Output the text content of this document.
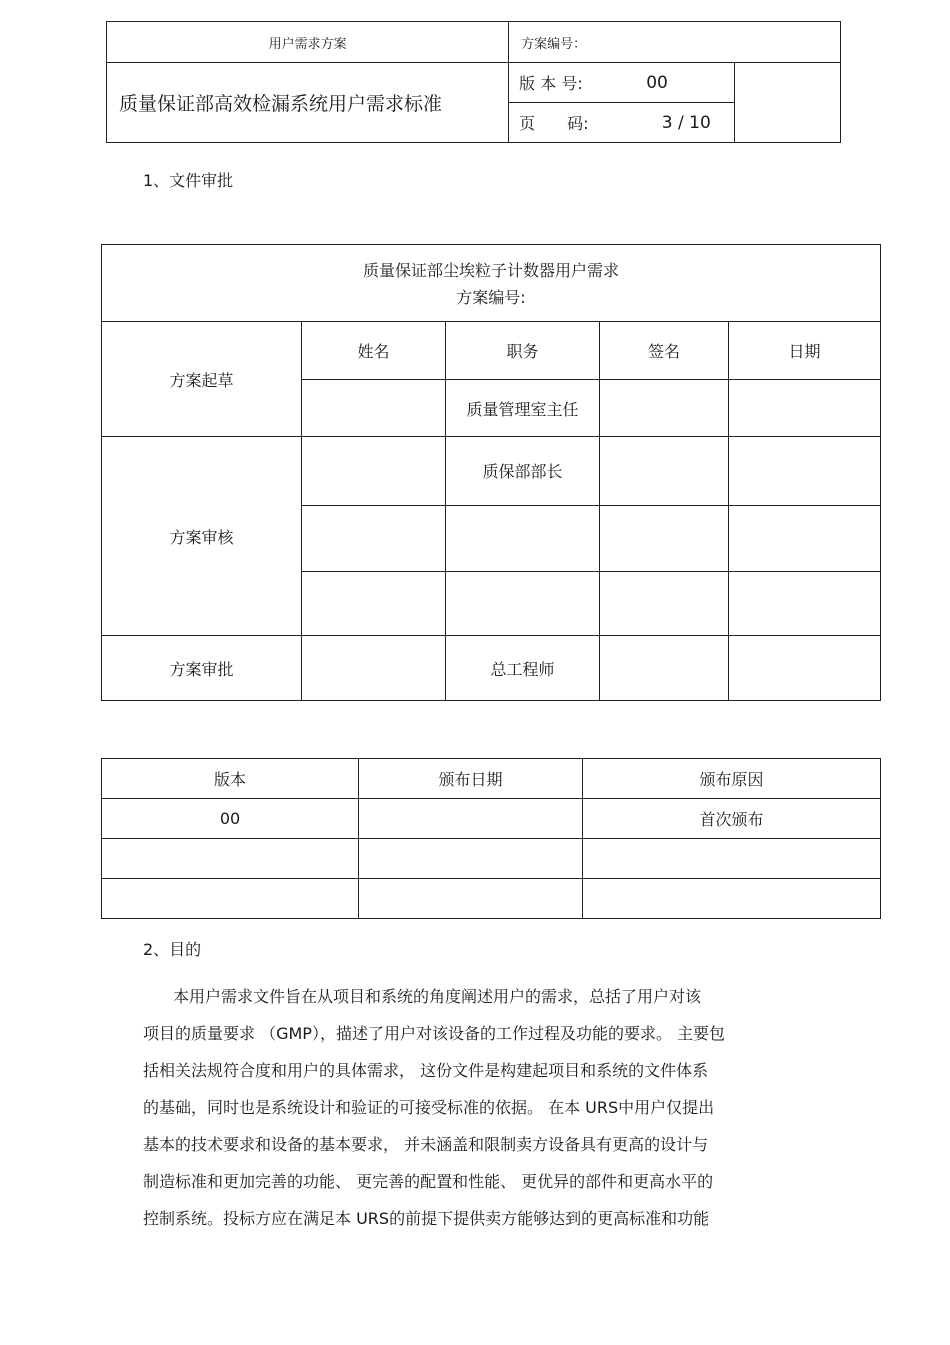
用户需求方案	方案编号：		
质量保证部高效检漏系统用户需求标准	版 本 号:	00	
	页　　码:	3 / 10	
1、文件审批
质量保证部尘埃粒子计数器用户需求
方案编号:				

方案起草	姓名	职务	签名	日期
		质量管理室主任		
方案审核		质保部部长		

方案审批		总工程师		
版本	颁布日期	颁布原因
00		首次颁布

2、目的
本用户需求文件旨在从项目和系统的角度阐述用户的需求，总括了用户对该
项目的质量要求 （GMP），描述了用户对该设备的工作过程及功能的要求。 主要包
括相关法规符合度和用户的具体需求， 这份文件是构建起项目和系统的文件体系
的基础，同时也是系统设计和验证的可接受标准的依据。 在本 URS中用户仅提出
基本的技术要求和设备的基本要求， 并未涵盖和限制卖方设备具有更高的设计与
制造标准和更加完善的功能、 更完善的配置和性能、 更优异的部件和更高水平的
控制系统。投标方应在满足本 URS的前提下提供卖方能够达到的更高标准和功能
